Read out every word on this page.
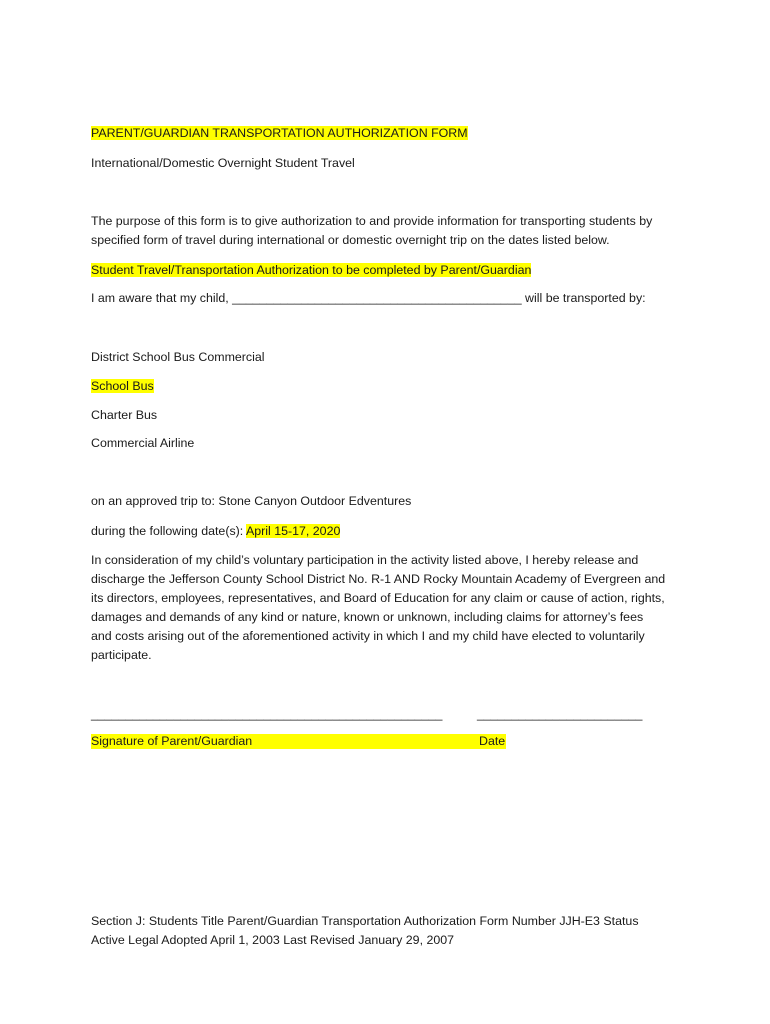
PARENT/GUARDIAN TRANSPORTATION AUTHORIZATION FORM
International/Domestic Overnight Student Travel
The purpose of this form is to give authorization to and provide information for transporting students by
specified form of travel during international or domestic overnight trip on the dates listed below.
Student Travel/Transportation Authorization to be completed by Parent/Guardian
I am aware that my child, __________________________________________ will be transported by:
District School Bus Commercial
School Bus
Charter Bus
Commercial Airline
on an approved trip to: Stone Canyon Outdoor Edventures
during the following date(s): April 15-17, 2020
In consideration of my child’s voluntary participation in the activity listed above, I hereby release and
discharge the Jefferson County School District No. R-1 AND Rocky Mountain Academy of Evergreen and
its directors, employees, representatives, and Board of Education for any claim or cause of action, rights,
damages and demands of any kind or nature, known or unknown, including claims for attorney’s fees
and costs arising out of the aforementioned activity in which I and my child have elected to voluntarily
participate.
___________________________________________________	________________________
Signature of Parent/Guardian	Date
Section J: Students Title Parent/Guardian Transportation Authorization Form Number JJH-E3 Status
Active Legal Adopted April 1, 2003 Last Revised January 29, 2007
